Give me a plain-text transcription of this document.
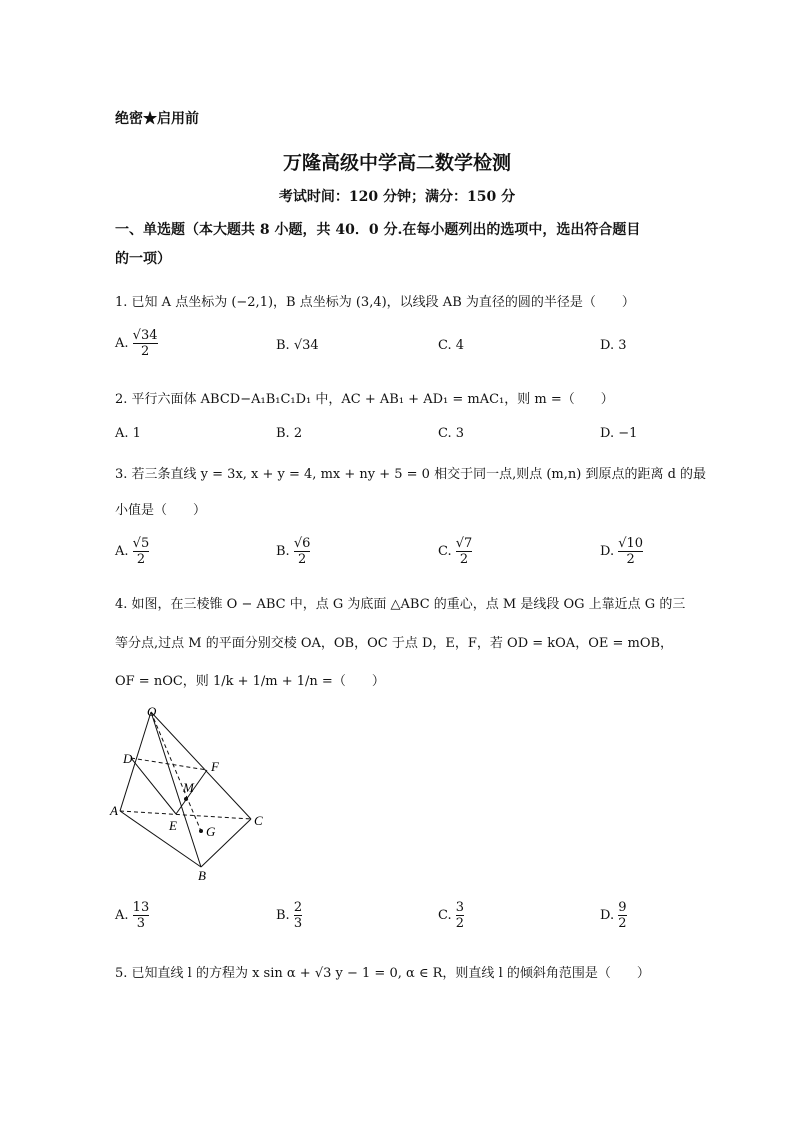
绝密★启用前
万隆高级中学高二数学检测
考试时间：120 分钟；满分：150 分
一、单选题（本大题共 8 小题，共 40．0 分.在每小题列出的选项中，选出符合题目
的一项）
1. 已知 A 点坐标为 (−2,1)，B 点坐标为 (3,4)，以线段 AB 为直径的圆的半径是（　　）
A. $\frac{√34}{2}$	B. √34	C. 4	D. 3
2. 平行六面体 ABCD−A₁B₁C₁D₁ 中，AC + AB₁ + AD₁ = mAC₁，则 m =（　　）
A. 1	B. 2	C. 3	D. −1
3. 若三条直线 y = 3x, x + y = 4, mx + ny + 5 = 0 相交于同一点,则点 (m,n) 到原点的距离 d 的最
小值是（　　）
A. $\frac{√5}{2}$	B. $\frac{√6}{2}$	C. $\frac{√7}{2}$	D. $\frac{√10}{2}$
4. 如图，在三棱锥 O − ABC 中，点 G 为底面 △ABC 的重心，点 M 是线段 OG 上靠近点 G 的三
等分点,过点 M 的平面分别交棱 OA，OB，OC 于点 D，E，F，若 OD = kOA，OE = mOB，
OF = nOC，则 1/k + 1/m + 1/n =（　　）
O
D
F
M
A
E G
C
B
A. $\frac{13}{3}$	B. $\frac{2}{3}$	C. $\frac{3}{2}$	D. $\frac{9}{2}$
5. 已知直线 l 的方程为 x sin α + √3 y − 1 = 0, α ∈ R，则直线 l 的倾斜角范围是（　　）
